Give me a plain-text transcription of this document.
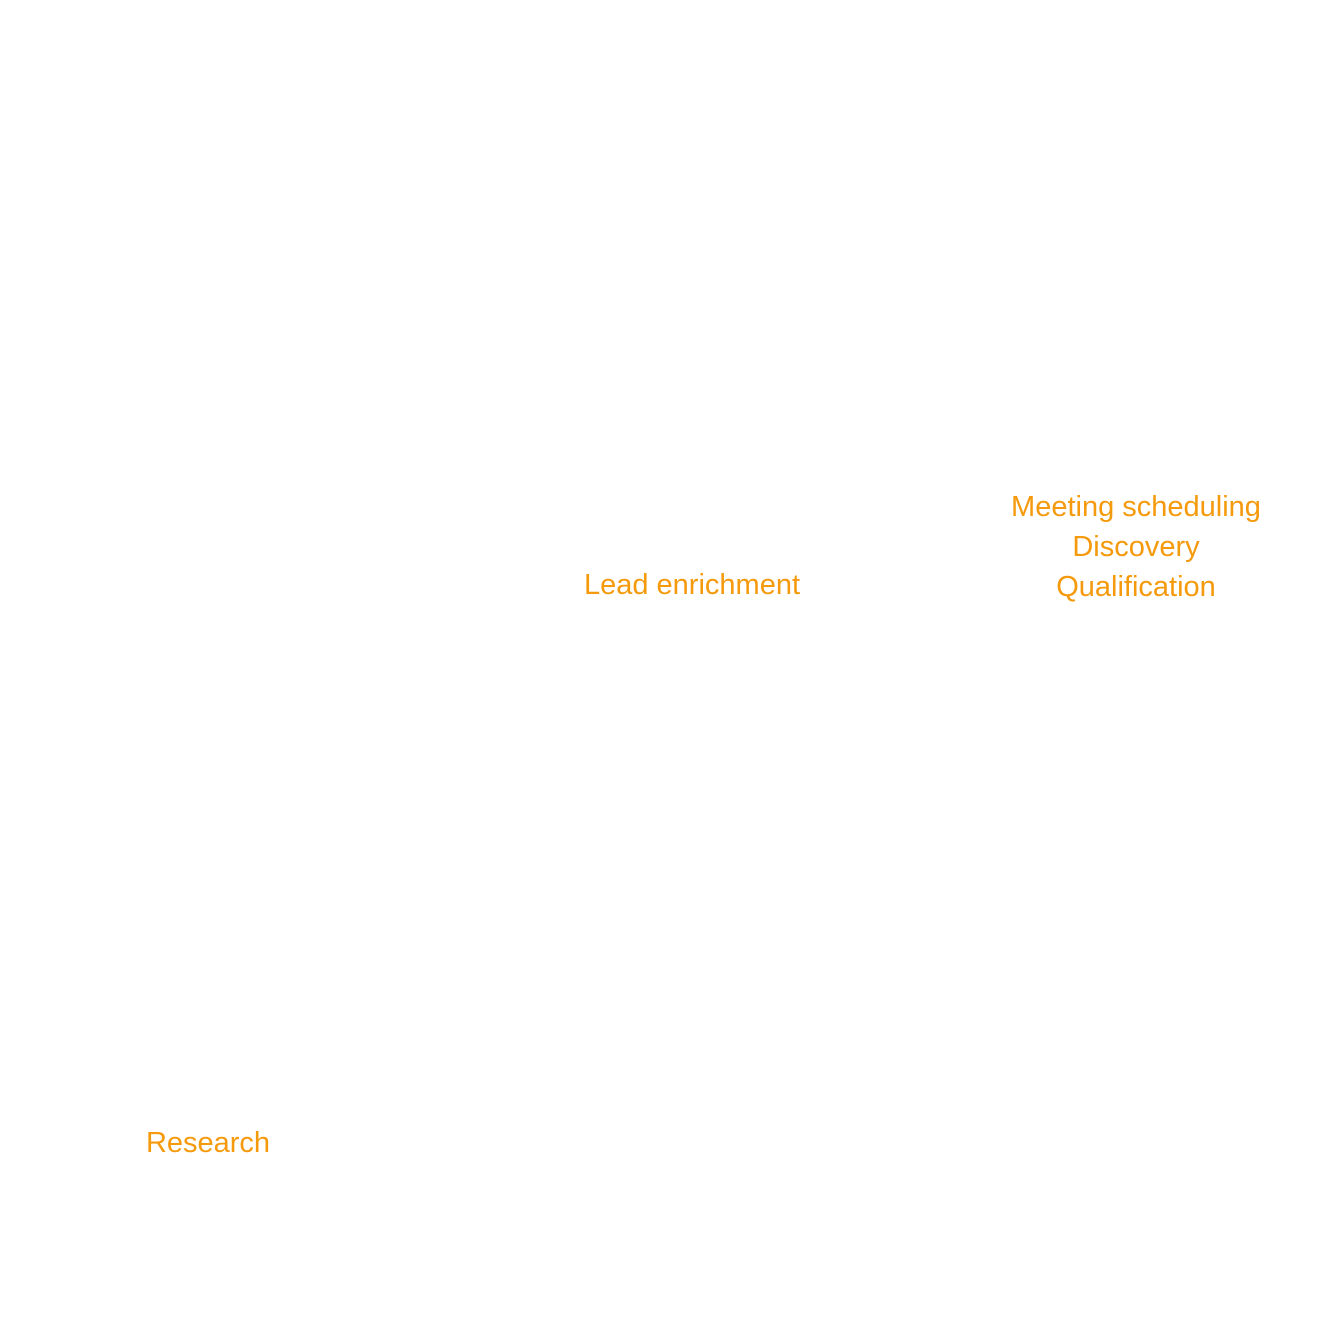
Research
Lead enrichment
Meeting scheduling
Discovery
Qualification
